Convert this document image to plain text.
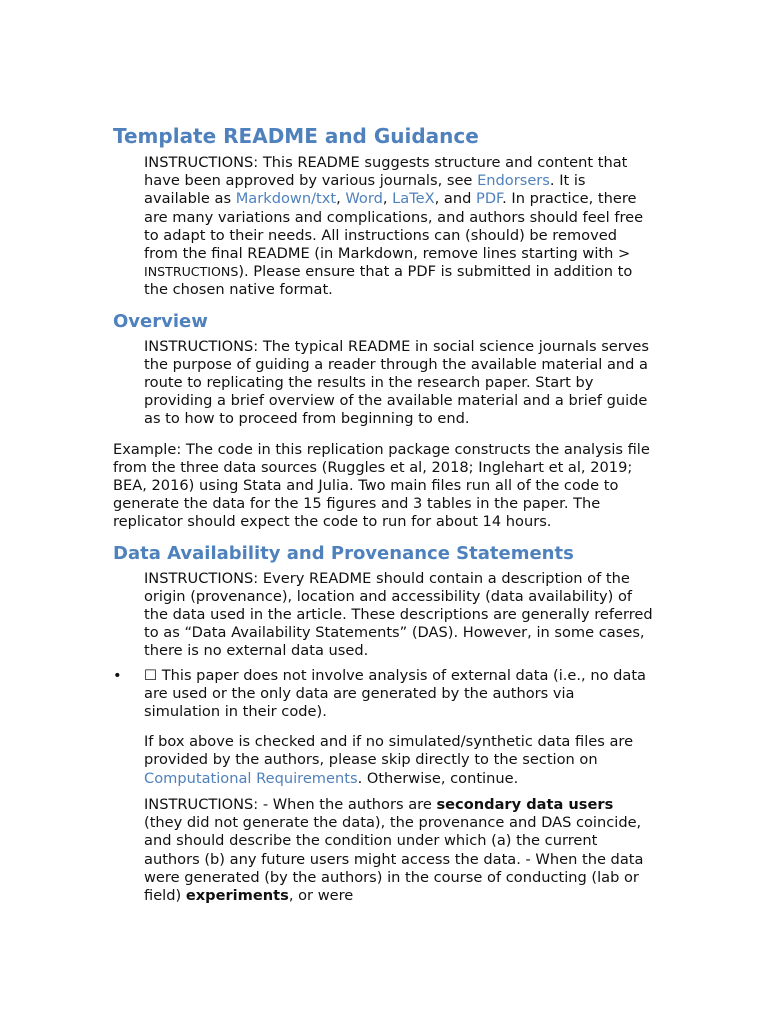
Template README and Guidance

INSTRUCTIONS: This README suggests structure and content that have been approved by various journals, see Endorsers. It is available as Markdown/txt, Word, LaTeX, and PDF. In practice, there are many variations and complications, and authors should feel free to adapt to their needs. All instructions can (should) be removed from the final README (in Markdown, remove lines starting with > INSTRUCTIONS). Please ensure that a PDF is submitted in addition to the chosen native format.

Overview

INSTRUCTIONS: The typical README in social science journals serves the purpose of guiding a reader through the available material and a route to replicating the results in the research paper. Start by providing a brief overview of the available material and a brief guide as to how to proceed from beginning to end.

Example: The code in this replication package constructs the analysis file from the three data sources (Ruggles et al, 2018; Inglehart et al, 2019; BEA, 2016) using Stata and Julia. Two main files run all of the code to generate the data for the 15 figures and 3 tables in the paper. The replicator should expect the code to run for about 14 hours.

Data Availability and Provenance Statements

INSTRUCTIONS: Every README should contain a description of the origin (provenance), location and accessibility (data availability) of the data used in the article. These descriptions are generally referred to as “Data Availability Statements” (DAS). However, in some cases, there is no external data used.

• ☐ This paper does not involve analysis of external data (i.e., no data are used or the only data are generated by the authors via simulation in their code).

If box above is checked and if no simulated/synthetic data files are provided by the authors, please skip directly to the section on Computational Requirements. Otherwise, continue.

INSTRUCTIONS: - When the authors are secondary data users (they did not generate the data), the provenance and DAS coincide, and should describe the condition under which (a) the current authors (b) any future users might access the data. - When the data were generated (by the authors) in the course of conducting (lab or field) experiments, or were
